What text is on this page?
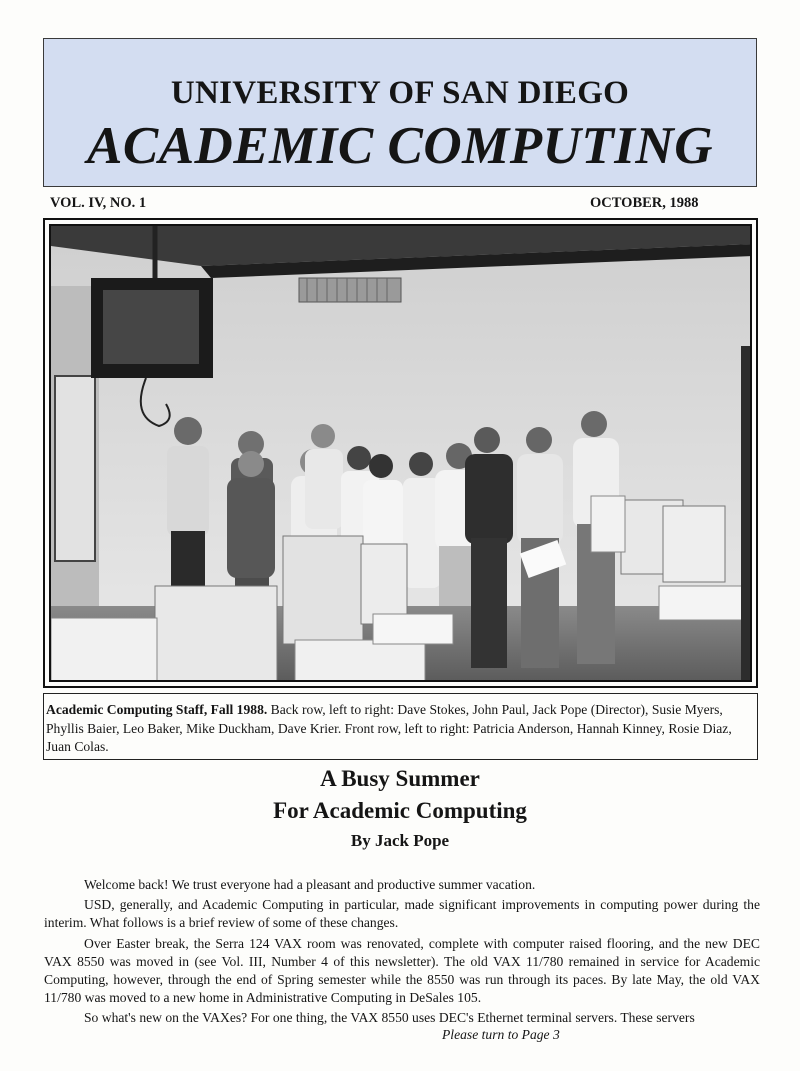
UNIVERSITY OF SAN DIEGO
ACADEMIC COMPUTING
VOL. IV, NO. 1	OCTOBER, 1988
Academic Computing Staff, Fall 1988. Back row, left to right: Dave Stokes, John Paul, Jack Pope (Director), Susie Myers, Phyllis Baier, Leo Baker, Mike Duckham, Dave Krier. Front row, left to right: Patricia Anderson, Hannah Kinney, Rosie Diaz, Juan Colas.
A Busy Summer
For Academic Computing
By Jack Pope

Welcome back! We trust everyone had a pleasant and productive summer vacation.

USD, generally, and Academic Computing in particular, made significant improvements in computing power during the interim. What follows is a brief review of some of these changes.

Over Easter break, the Serra 124 VAX room was renovated, complete with computer raised flooring, and the new DEC VAX 8550 was moved in (see Vol. III, Number 4 of this newsletter). The old VAX 11/780 remained in service for Academic Computing, however, through the end of Spring semester while the 8550 was run through its paces. By late May, the old VAX 11/780 was moved to a new home in Administrative Computing in DeSales 105.

So what's new on the VAXes? For one thing, the VAX 8550 uses DEC's Ethernet terminal servers. These servers

Please turn to Page 3
